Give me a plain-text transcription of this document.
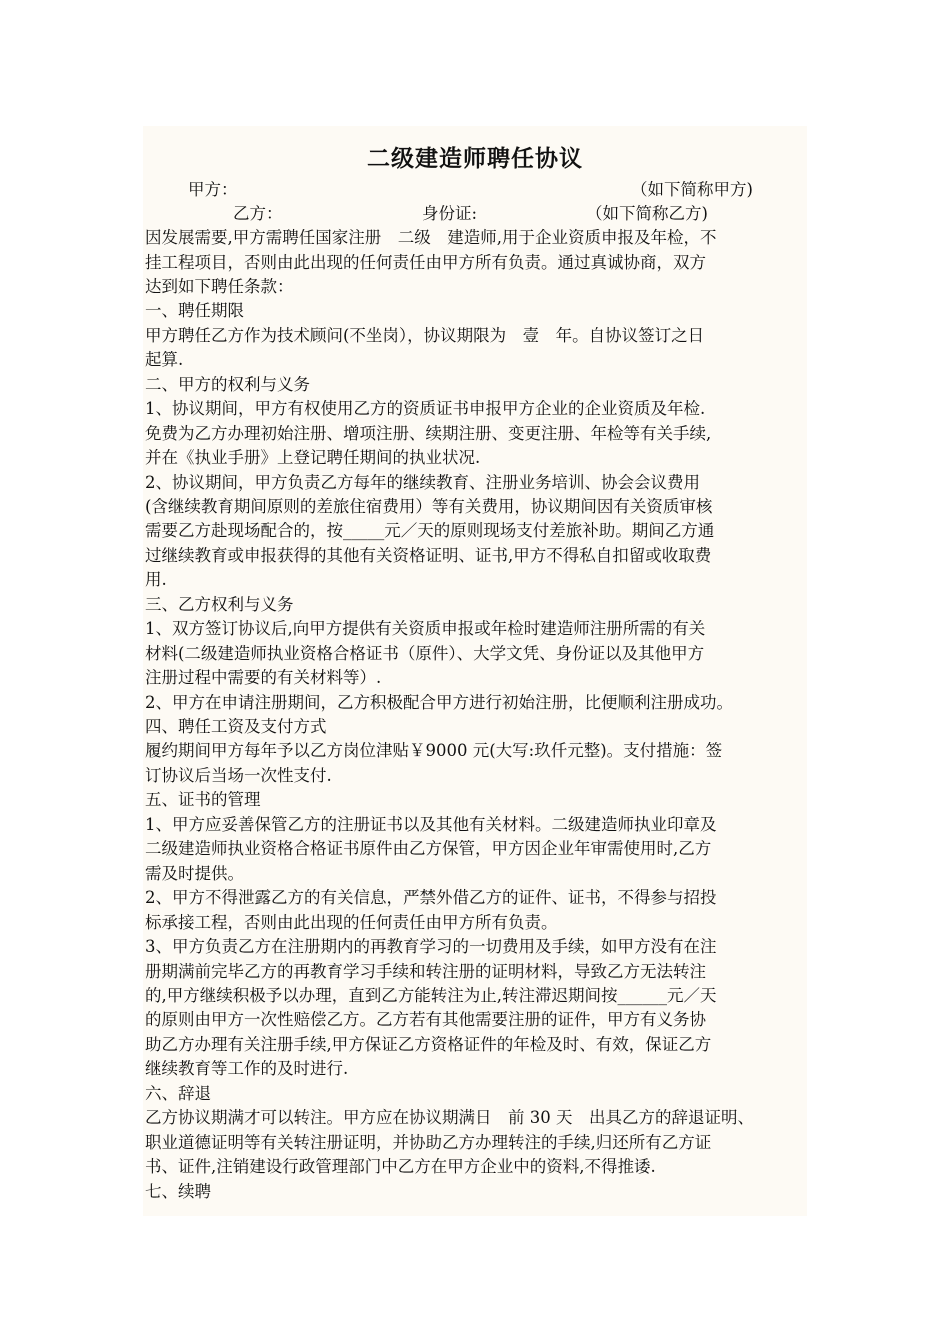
二级建造师聘任协议
甲方：	（如下简称甲方)
乙方：	身份证:	（如下简称乙方)
因发展需要,甲方需聘任国家注册　二级　建造师,用于企业资质申报及年检，不
挂工程项目，否则由此出现的任何责任由甲方所有负责。通过真诚协商，双方
达到如下聘任条款：
一、聘任期限
甲方聘任乙方作为技术顾问(不坐岗），协议期限为　壹　年。自协议签订之日
起算.
二、甲方的权利与义务
1、协议期间，甲方有权使用乙方的资质证书申报甲方企业的企业资质及年检.
免费为乙方办理初始注册、增项注册、续期注册、变更注册、年检等有关手续,
并在《执业手册》上登记聘任期间的执业状况.
2、协议期间，甲方负责乙方每年的继续教育、注册业务培训、协会会议费用
(含继续教育期间原则的差旅住宿费用）等有关费用，协议期间因有关资质审核
需要乙方赴现场配合的，按_____元／天的原则现场支付差旅补助。期间乙方通
过继续教育或申报获得的其他有关资格证明、证书,甲方不得私自扣留或收取费
用.
三、乙方权利与义务
1、双方签订协议后,向甲方提供有关资质申报或年检时建造师注册所需的有关
材料(二级建造师执业资格合格证书（原件）、大学文凭、身份证以及其他甲方
注册过程中需要的有关材料等）.
2、甲方在申请注册期间，乙方积极配合甲方进行初始注册，比便顺利注册成功。
四、聘任工资及支付方式
履约期间甲方每年予以乙方岗位津贴￥9000 元(大写:玖仟元整)。支付措施：签
订协议后当场一次性支付.
五、证书的管理
1、甲方应妥善保管乙方的注册证书以及其他有关材料。二级建造师执业印章及
二级建造师执业资格合格证书原件由乙方保管，甲方因企业年审需使用时,乙方
需及时提供。
2、甲方不得泄露乙方的有关信息，严禁外借乙方的证件、证书，不得参与招投
标承接工程，否则由此出现的任何责任由甲方所有负责。
3、甲方负责乙方在注册期内的再教育学习的一切费用及手续，如甲方没有在注
册期满前完毕乙方的再教育学习手续和转注册的证明材料，导致乙方无法转注
的,甲方继续积极予以办理，直到乙方能转注为止,转注滞迟期间按______元／天
的原则由甲方一次性赔偿乙方。乙方若有其他需要注册的证件，甲方有义务协
助乙方办理有关注册手续,甲方保证乙方资格证件的年检及时、有效，保证乙方
继续教育等工作的及时进行.
六、辞退
乙方协议期满才可以转注。甲方应在协议期满日　前 30 天　出具乙方的辞退证明、
职业道德证明等有关转注册证明，并协助乙方办理转注的手续,归还所有乙方证
书、证件,注销建设行政管理部门中乙方在甲方企业中的资料,不得推诿.
七、续聘
